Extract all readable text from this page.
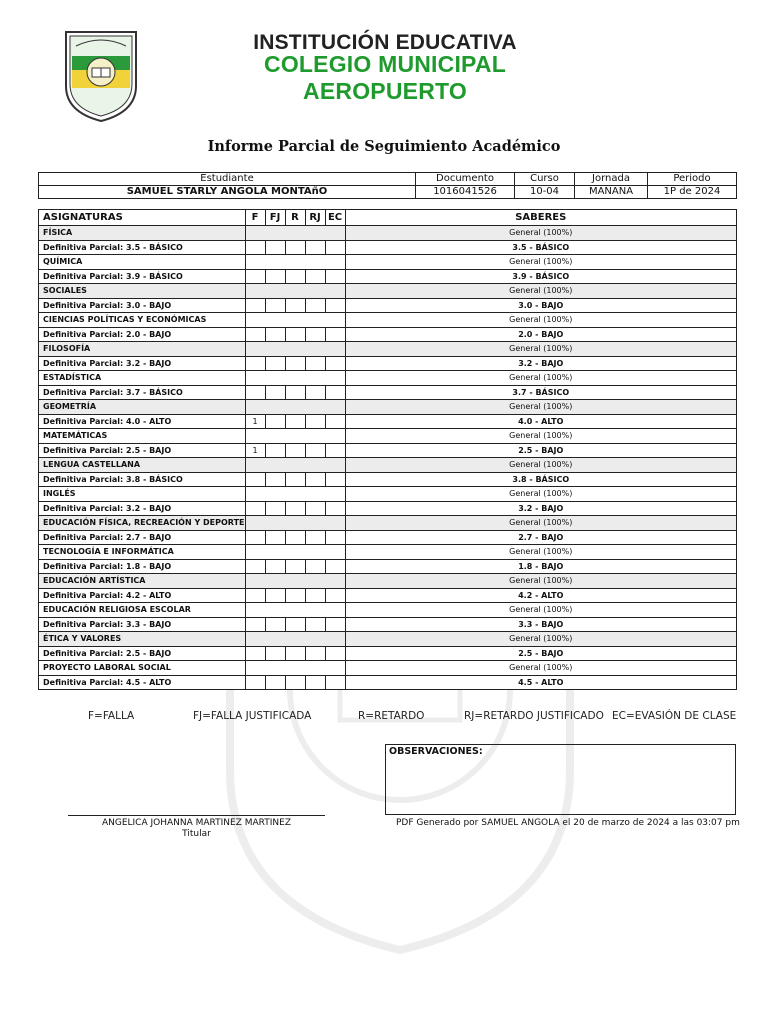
INSTITUCIÓN EDUCATIVA
COLEGIO MUNICIPAL AEROPUERTO
Informe Parcial de Seguimiento Académico
Estudiante	Documento	Curso	Jornada	Periodo
SAMUEL STARLY ANGOLA MONTAñO	1016041526	10-04	MAÑANA	1P de 2024
ASIGNATURAS	F	FJ	R	RJ	EC	SABERES
FÍSICA						General (100%)
Definitiva Parcial: 3.5 - BÁSICO						3.5 - BÁSICO
QUÍMICA						General (100%)
Definitiva Parcial: 3.9 - BÁSICO						3.9 - BÁSICO
SOCIALES						General (100%)
Definitiva Parcial: 3.0 - BAJO						3.0 - BAJO
CIENCIAS POLÍTICAS Y ECONÓMICAS						General (100%)
Definitiva Parcial: 2.0 - BAJO						2.0 - BAJO
FILOSOFÍA						General (100%)
Definitiva Parcial: 3.2 - BAJO						3.2 - BAJO
ESTADÍSTICA						General (100%)
Definitiva Parcial: 3.7 - BÁSICO						3.7 - BÁSICO
GEOMETRÍA						General (100%)
Definitiva Parcial: 4.0 - ALTO	1					4.0 - ALTO
MATEMÁTICAS						General (100%)
Definitiva Parcial: 2.5 - BAJO	1					2.5 - BAJO
LENGUA CASTELLANA						General (100%)
Definitiva Parcial: 3.8 - BÁSICO						3.8 - BÁSICO
INGLÉS						General (100%)
Definitiva Parcial: 3.2 - BAJO						3.2 - BAJO
EDUCACIÓN FÍSICA, RECREACIÓN Y DEPORTE						General (100%)
Definitiva Parcial: 2.7 - BAJO						2.7 - BAJO
TECNOLOGÍA E INFORMÁTICA						General (100%)
Definitiva Parcial: 1.8 - BAJO						1.8 - BAJO
EDUCACIÓN ARTÍSTICA						General (100%)
Definitiva Parcial: 4.2 - ALTO						4.2 - ALTO
EDUCACIÓN RELIGIOSA ESCOLAR						General (100%)
Definitiva Parcial: 3.3 - BAJO						3.3 - BAJO
ÉTICA Y VALORES						General (100%)
Definitiva Parcial: 2.5 - BAJO						2.5 - BAJO
PROYECTO LABORAL SOCIAL						General (100%)
Definitiva Parcial: 4.5 - ALTO						4.5 - ALTO
F=FALLA	FJ=FALLA JUSTIFICADA	R=RETARDO	RJ=RETARDO JUSTIFICADO EC=EVASIÓN DE CLASE
OBSERVACIONES:
ANGELICA JOHANNA MARTINEZ MARTINEZ
Titular
PDF Generado por SAMUEL ANGOLA el 20 de marzo de 2024 a las 03:07 pm
